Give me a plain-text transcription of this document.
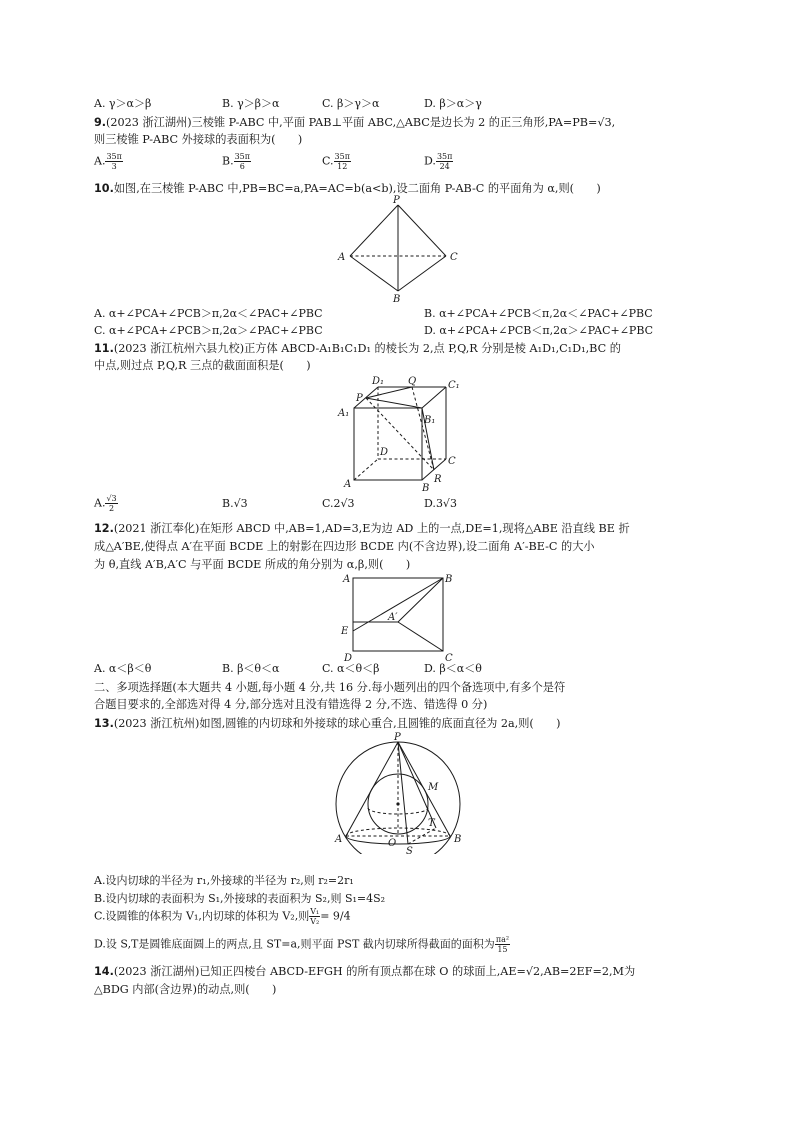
A. γ＞α＞β	B. γ＞β＞α	C. β＞γ＞α	D. β＞α＞γ
9.(2023 浙江湖州)三棱锥 P-ABC 中,平面 PAB⊥平面 ABC,△ABC是边长为 2 的正三角形,PA=PB=√3,
则三棱锥 P-ABC 外接球的表面积为(　　)
A. $\frac{35\pi}{3}$	B. $\frac{35\pi}{6}$	C. $\frac{35\pi}{12}$	D. $\frac{35\pi}{24}$
10.如图,在三棱锥 P-ABC 中,PB=BC=a,PA=AC=b(a<b),设二面角 P-AB-C 的平面角为 α,则(　　)
P
A	C
B
A. α+∠PCA+∠PCB＞π,2α＜∠PAC+∠PBC	B. α+∠PCA+∠PCB＜π,2α＜∠PAC+∠PBC
C. α+∠PCA+∠PCB＞π,2α＞∠PAC+∠PBC	D. α+∠PCA+∠PCB＜π,2α＞∠PAC+∠PBC
11.(2023 浙江杭州六县九校)正方体 ABCD-A₁B₁C₁D₁ 的棱长为 2,点 P,Q,R 分别是棱 A₁D₁,C₁D₁,BC 的
中点,则过点 P,Q,R 三点的截面面积是(　　)
D₁ Q	C₁
P
A₁
B₁
D
C
R
A	B
A. $\frac{√3}{2}$	B.√3	C.2√3	D.3√3
12.(2021 浙江奉化)在矩形 ABCD 中,AB=1,AD=3,E为边 AD 上的一点,DE=1,现将△ABE 沿直线 BE 折
成△A′BE,使得点 A′在平面 BCDE 上的射影在四边形 BCDE 内(不含边界),设二面角 A′-BE-C 的大小
为 θ,直线 A′B,A′C 与平面 BCDE 所成的角分别为 α,β,则(　　)
A	B
E
A′
D	C
A. α＜β＜θ	B. β＜θ＜α	C. α＜θ＜β	D. β＜α＜θ
二、多项选择题(本大题共 4 小题,每小题 4 分,共 16 分.每小题列出的四个备选项中,有多个是符
合题目要求的,全部选对得 4 分,部分选对且没有错选得 2 分,不选、错选得 0 分)
13.(2023 浙江杭州)如图,圆锥的内切球和外接球的球心重合,且圆锥的底面直径为 2a,则(　　)
P
M
T
A	O
S
B
A.设内切球的半径为 r₁,外接球的半径为 r₂,则 r₂=2r₁
B.设内切球的表面积为 S₁,外接球的表面积为 S₂,则 S₁=4S₂
C.设圆锥的体积为 V₁,内切球的体积为 V₂,则 $\frac{\text{V₁}}{\text{V₂}} = 9/4$
D.设 S,T是圆锥底面圆上的两点,且 ST=a,则平面 PST 截内切球所得截面的面积为 $\frac{\text{πa²}}{15}$
14.(2023 浙江湖州)已知正四棱台 ABCD-EFGH 的所有顶点都在球 O 的球面上,AE=√2,AB=2EF=2,M为
△BDG 内部(含边界)的动点,则(　　)
